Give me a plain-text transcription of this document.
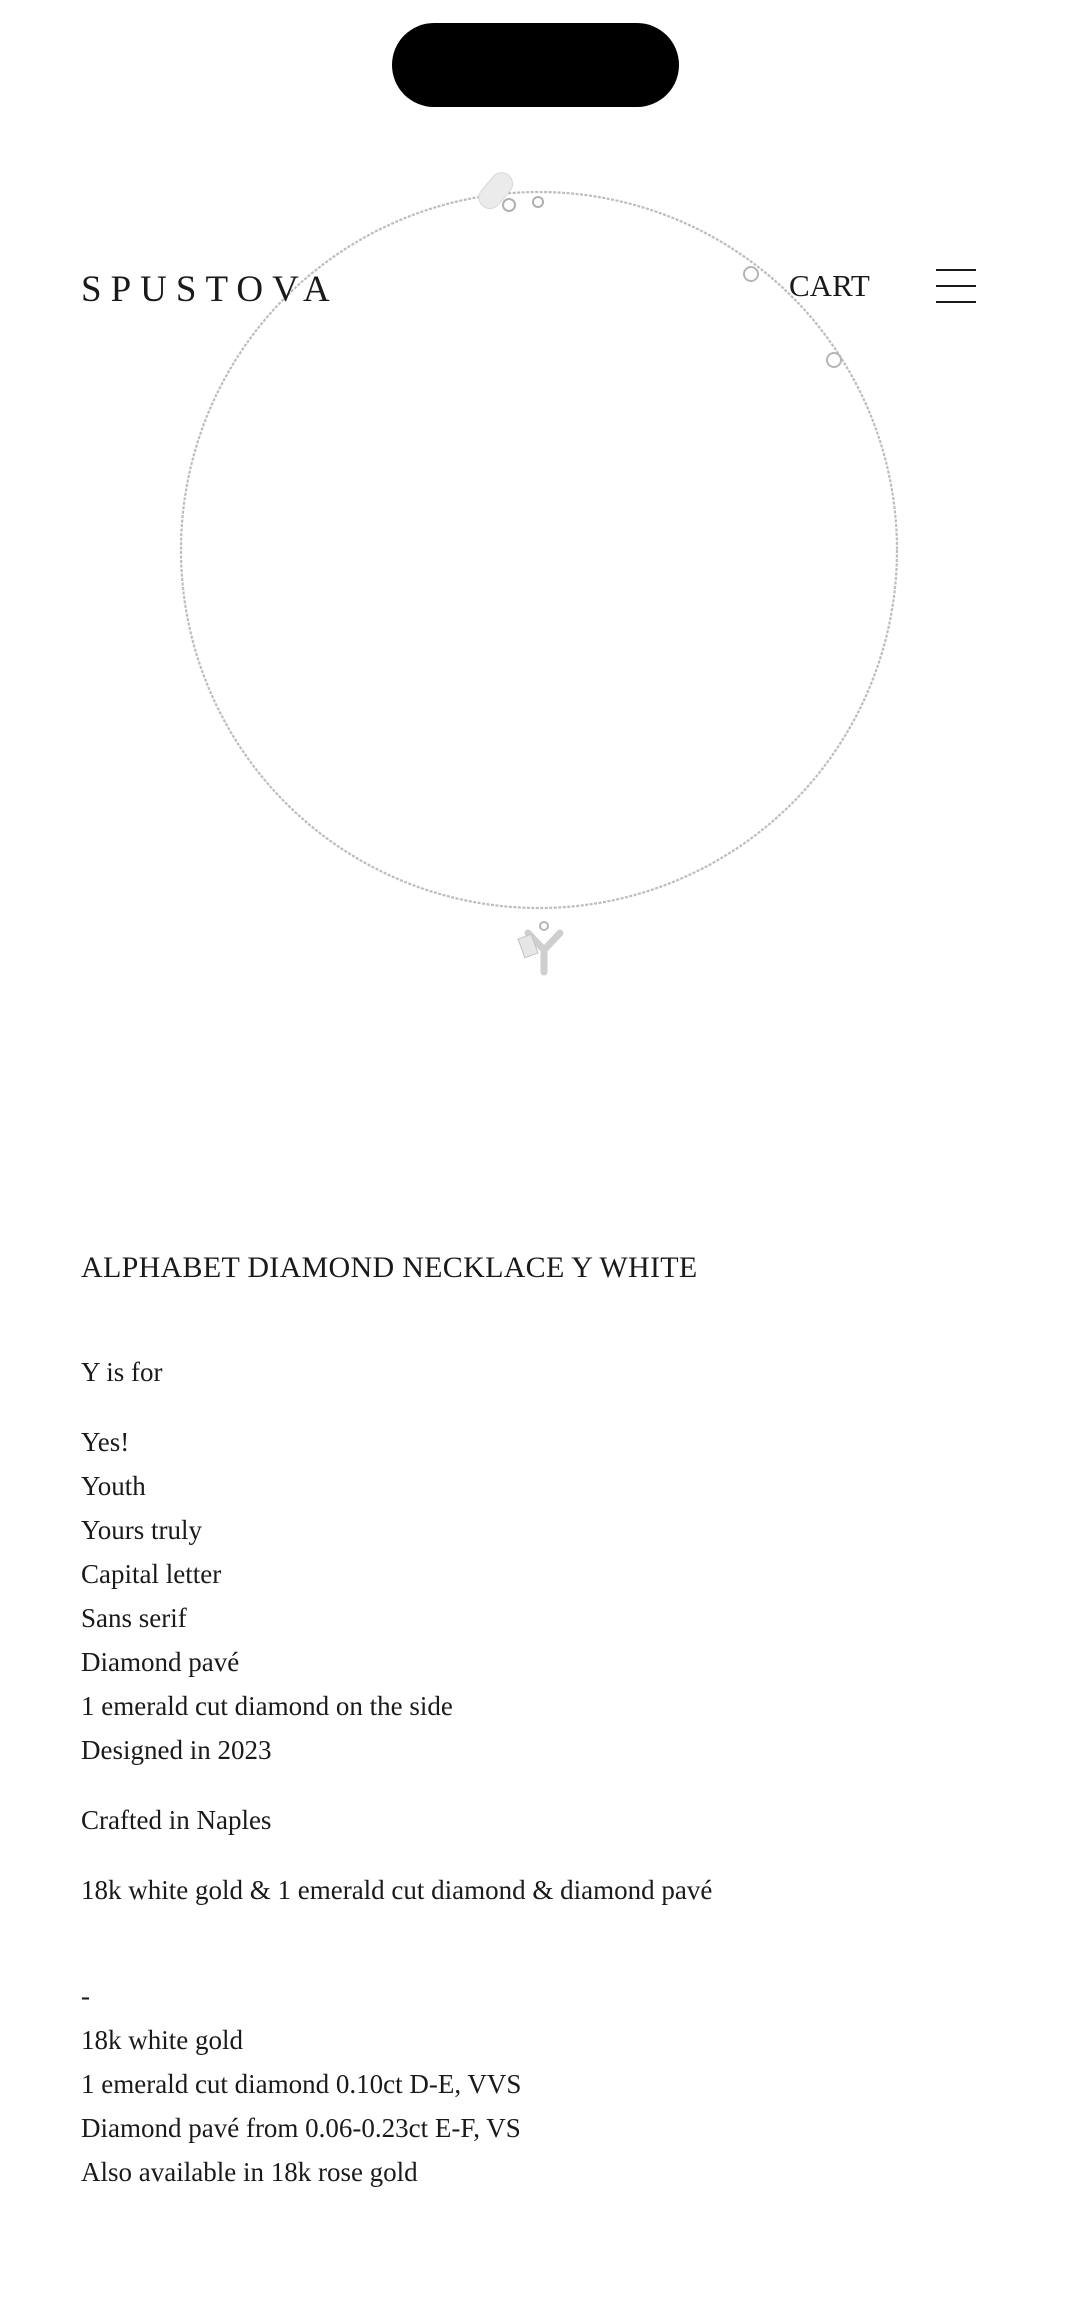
SPUSTOVA	CART
ALPHABET DIAMOND NECKLACE Y WHITE

Y is for

Yes!
Youth
Yours truly
Capital letter
Sans serif
Diamond pavé
1 emerald cut diamond on the side
Designed in 2023

Crafted in Naples

18k white gold & 1 emerald cut diamond & diamond pavé

-
18k white gold
1 emerald cut diamond 0.10ct D-E, VVS
Diamond pavé from 0.06-0.23ct E-F, VS
Also available in 18k rose gold
